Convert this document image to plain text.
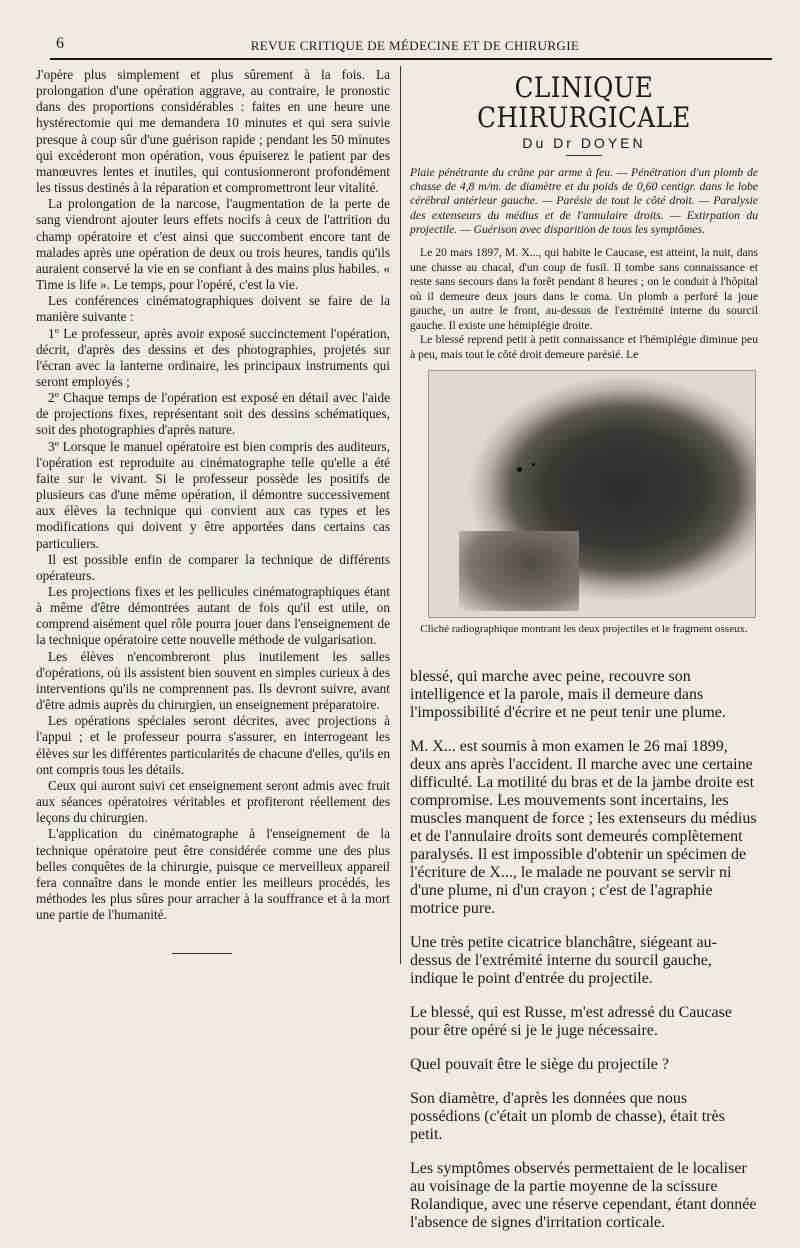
6	REVUE CRITIQUE DE MÉDECINE ET DE CHIRURGIE

J'opère plus simplement et plus sûrement à la fois. La prolongation d'une opération aggrave, au contraire, le pronostic dans des proportions considérables : faites en une heure une hystérectomie qui me demandera 10 minutes et qui sera suivie presque à coup sûr d'une guérison rapide ; pendant les 50 minutes qui excéderont mon opération, vous épuiserez le patient par des manœuvres lentes et inutiles, qui contusionneront profondément les tissus destinés à la réparation et compromettront leur vitalité.

La prolongation de la narcose, l'augmentation de la perte de sang viendront ajouter leurs effets nocifs à ceux de l'attrition du champ opératoire et c'est ainsi que succombent encore tant de malades après une opération de deux ou trois heures, tandis qu'ils auraient conservé la vie en se confiant à des mains plus habiles. « Time is life ». Le temps, pour l'opéré, c'est la vie.

Les conférences cinématographiques doivent se faire de la manière suivante :

1º Le professeur, après avoir exposé succinctement l'opération, décrit, d'après des dessins et des photographies, projetés sur l'écran avec la lanterne ordinaire, les principaux instruments qui seront employés ;

2º Chaque temps de l'opération est exposé en détail avec l'aide de projections fixes, représentant soit des dessins schématiques, soit des photographies d'après nature.

3º Lorsque le manuel opératoire est bien compris des auditeurs, l'opération est reproduite au cinématographe telle qu'elle a été faite sur le vivant. Si le professeur possède les positifs de plusieurs cas d'une même opération, il démontre successivement aux élèves la technique qui convient aux cas types et les modifications qui doivent y être apportées dans certains cas particuliers.

Il est possible enfin de comparer la technique de différents opérateurs.

Les projections fixes et les pellicules cinématographiques étant à même d'être démontrées autant de fois qu'il est utile, on comprend aisément quel rôle pourra jouer dans l'enseignement de la technique opératoire cette nouvelle méthode de vulgarisation.

Les élèves n'encombreront plus inutilement les salles d'opérations, où ils assistent bien souvent en simples curieux à des interventions qu'ils ne comprennent pas. Ils devront suivre, avant d'être admis auprès du chirurgien, un enseignement préparatoire.

Les opérations spéciales seront décrites, avec projections à l'appui ; et le professeur pourra s'assurer, en interrogeant les élèves sur les différentes particularités de chacune d'elles, qu'ils en ont compris tous les détails.

Ceux qui auront suivi cet enseignement seront admis avec fruit aux séances opératoires véritables et profiteront réellement des leçons du chirurgien.

L'application du cinématographe à l'enseignement de la technique opératoire peut être considérée comme une des plus belles conquêtes de la chirurgie, puisque ce merveilleux appareil fera connaître dans le monde entier les meilleurs procédés, les méthodes les plus sûres pour arracher à la souffrance et à la mort une partie de l'humanité.

CLINIQUE CHIRURGICALE
Du Dr DOYEN

Plaie pénétrante du crâne par arme à feu. — Pénétration d'un plomb de chasse de 4,8 m/m. de diamètre et du poids de 0,60 centigr. dans le lobe cérébral antérieur gauche. — Parésie de tout le côté droit. — Paralysie des extenseurs du médius et de l'annulaire droits. — Extirpation du projectile. — Guérison avec disparition de tous les symptômes.

Le 20 mars 1897, M. X..., qui habite le Caucase, est atteint, la nuit, dans une chasse au chacal, d'un coup de fusil. Il tombe sans connaissance et reste sans secours dans la forêt pendant 8 heures ; on le conduit à l'hôpital où il demeure deux jours dans le coma. Un plomb a perforé la joue gauche, un autre le front, au-dessus de l'extrémité interne du sourcil gauche. Il existe une hémiplégie droite.

Le blessé reprend petit à petit connaissance et l'hémiplégie diminue peu à peu, mais tout le côté droit demeure parésié. Le

Cliché radiographique montrant les deux projectiles et le fragment osseux.

blessé, qui marche avec peine, recouvre son intelligence et la parole, mais il demeure dans l'impossibilité d'écrire et ne peut tenir une plume.

M. X... est soumis à mon examen le 26 mai 1899, deux ans après l'accident. Il marche avec une certaine difficulté. La motilité du bras et de la jambe droite est compromise. Les mouvements sont incertains, les muscles manquent de force ; les extenseurs du médius et de l'annulaire droits sont demeurés complètement paralysés. Il est impossible d'obtenir un spécimen de l'écriture de X..., le malade ne pouvant se servir ni d'une plume, ni d'un crayon ; c'est de l'agraphie motrice pure.

Une très petite cicatrice blanchâtre, siégeant au-dessus de l'extrémité interne du sourcil gauche, indique le point d'entrée du projectile.

Le blessé, qui est Russe, m'est adressé du Caucase pour être opéré si je le juge nécessaire.

Quel pouvait être le siège du projectile ?

Son diamètre, d'après les données que nous possédions (c'était un plomb de chasse), était très petit.

Les symptômes observés permettaient de le localiser au voisinage de la partie moyenne de la scissure Rolandique, avec une réserve cependant, étant donnée l'absence de signes d'irritation corticale.
